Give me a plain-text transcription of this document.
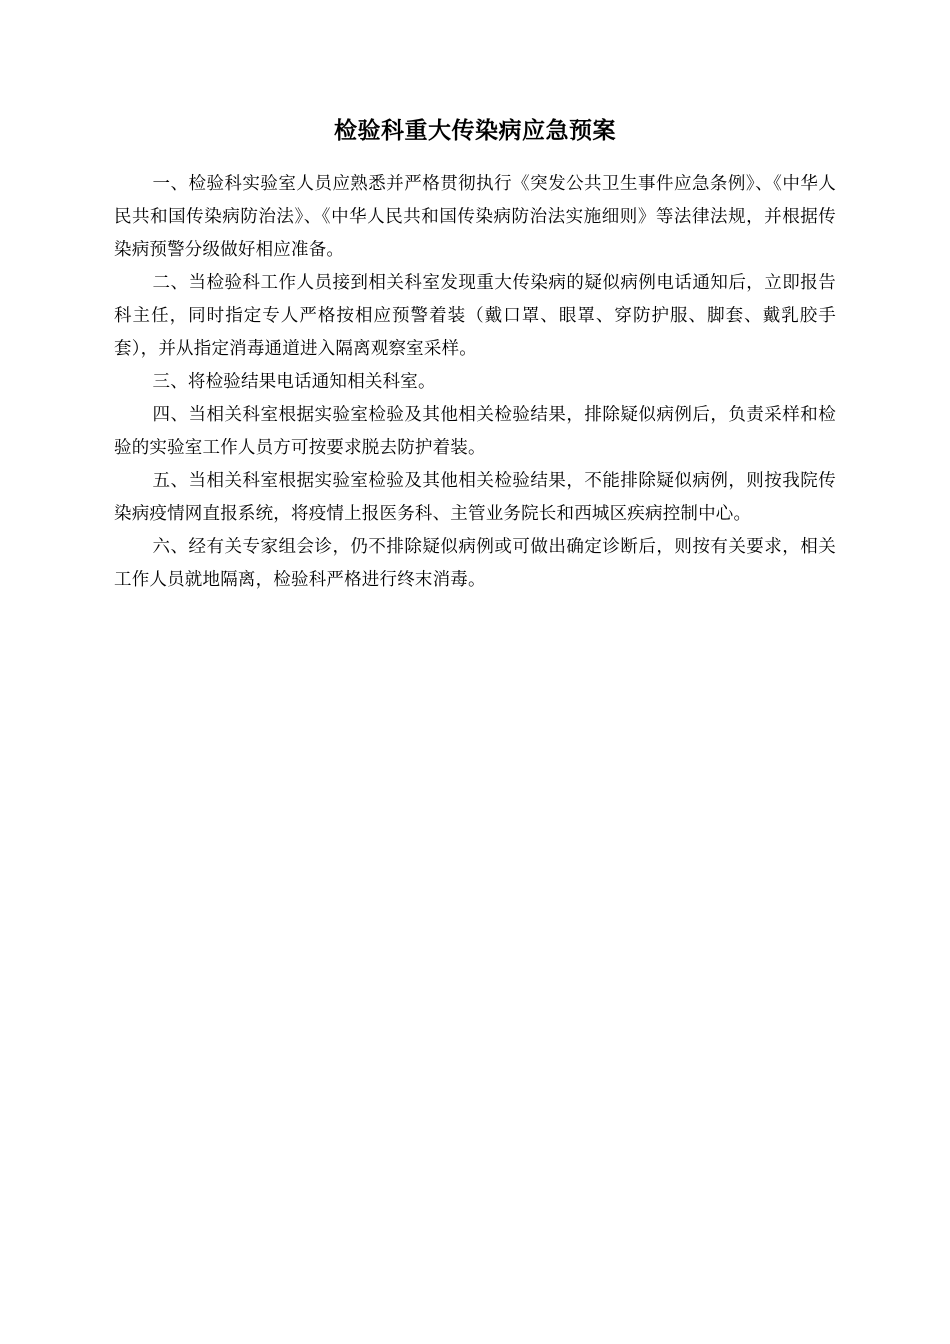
检验科重大传染病应急预案

一、检验科实验室人员应熟悉并严格贯彻执行《突发公共卫生事件应急条例》、《中华人民共和国传染病防治法》、《中华人民共和国传染病防治法实施细则》等法律法规，并根据传染病预警分级做好相应准备。

二、当检验科工作人员接到相关科室发现重大传染病的疑似病例电话通知后，立即报告科主任，同时指定专人严格按相应预警着装（戴口罩、眼罩、穿防护服、脚套、戴乳胶手套），并从指定消毒通道进入隔离观察室采样。

三、将检验结果电话通知相关科室。

四、当相关科室根据实验室检验及其他相关检验结果，排除疑似病例后，负责采样和检验的实验室工作人员方可按要求脱去防护着装。

五、当相关科室根据实验室检验及其他相关检验结果，不能排除疑似病例，则按我院传染病疫情网直报系统，将疫情上报医务科、主管业务院长和西城区疾病控制中心。

六、经有关专家组会诊，仍不排除疑似病例或可做出确定诊断后，则按有关要求，相关工作人员就地隔离，检验科严格进行终末消毒。
